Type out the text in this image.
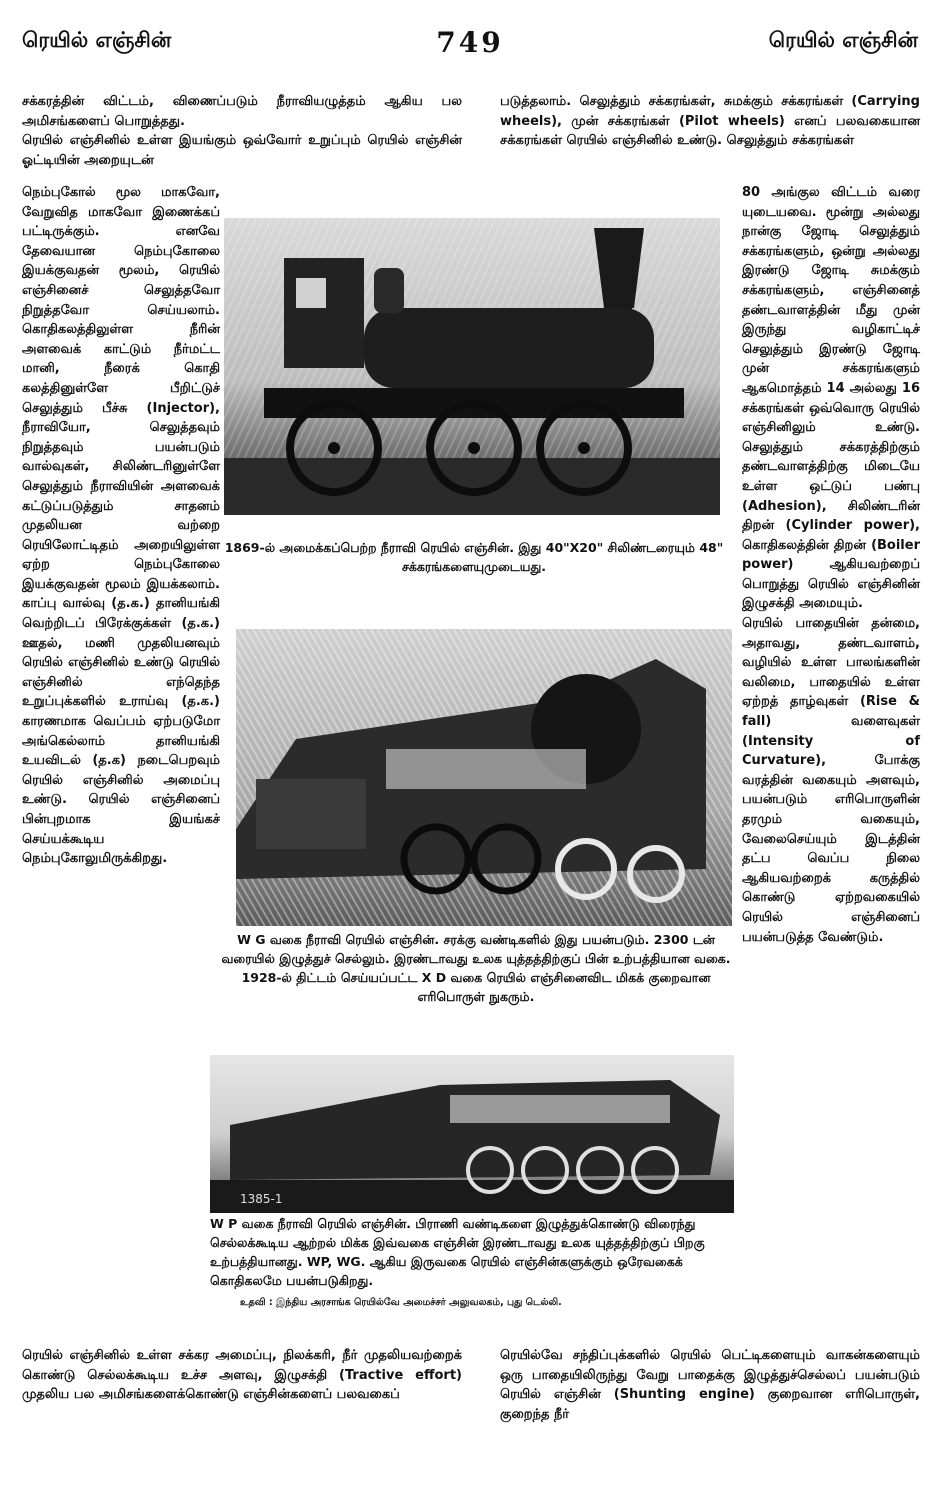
ரெயில் எஞ்சின்	749	ரெயில் எஞ்சின்

சக்கரத்தின் விட்டம், விணைப்படும் நீராவியழுத்தம் ஆகிய பல அமிசங்களைப் பொறுத்தது.

ரெயில் எஞ்சினில் உள்ள இயங்கும் ஒவ்வோர் உறுப்பும் ரெயில் எஞ்சின் ஓட்டியின் அறையுடன்

படுத்தலாம். செலுத்தும் சக்கரங்கள், சுமக்கும் சக்கரங்கள் (Carrying wheels), முன் சக்கரங்கள் (Pilot wheels) எனப் பலவகையான சக்கரங்கள் ரெயில் எஞ்சினில் உண்டு. செலுத்தும் சக்கரங்கள்

நெம்புகோல் மூல மாகவோ, வேறுவித மாகவோ இணைக்கப் பட்டிருக்கும். எனவே தேவையான நெம்புகோலை இயக்குவதன் மூலம், ரெயில் எஞ்சினைச் செலுத்தவோ நிறுத்தவோ செய்யலாம். கொதிகலத்திலுள்ள நீரின் அளவைக் காட்டும் நீர்மட்ட மானி, நீரைக் கொதி கலத்தினுள்ளே பீறிட்டுச் செலுத்தும் பீச்சு (Injector), நீராவியோ, செலுத்தவும் நிறுத்தவும் பயன்படும் வால்வுகள், சிலிண்டரினுள்ளே செலுத்தும் நீராவியின் அளவைக் கட்டுப்படுத்தும் சாதனம் முதலியன வற்றை ரெயிலோட்டிதம் அறையிலுள்ள ஏற்ற நெம்புகோலை இயக்குவதன் மூலம் இயக்கலாம். காப்பு வால்வு (த.க.) தானியங்கி வெற்றிடப் பிரேக்குக்கள் (த.க.) ஊதல், மணி முதலியனவும் ரெயில் எஞ்சினில் உண்டு ரெயில் எஞ்சினில் எந்தெந்த உறுப்புக்களில் உராய்வு (த.க.) காரணமாக வெப்பம் ஏற்படுமோ அங்கெல்லாம் தானியங்கி உயவிடல் (த.க) நடைபெறவும் ரெயில் எஞ்சினில் அமைப்பு உண்டு. ரெயில் எஞ்சினைப் பின்புறமாக இயங்கச் செய்யக்கூடிய நெம்புகோலுமிருக்கிறது.

80 அங்குல விட்டம் வரை யுடையவை. மூன்று அல்லது நான்கு ஜோடி செலுத்தும் சக்கரங்களும், ஒன்று அல்லது இரண்டு ஜோடி சுமக்கும் சக்கரங்களும், எஞ்சினைத் தண்டவாளத்தின் மீது முன் இருந்து வழிகாட்டிச் செலுத்தும் இரண்டு ஜோடி முன் சக்கரங்களும் ஆகமொத்தம் 14 அல்லது 16 சக்கரங்கள் ஒவ்வொரு ரெயில் எஞ்சினிலும் உண்டு. செலுத்தும் சக்கரத்திற்கும் தண்டவாளத்திற்கு மிடையே உள்ள ஒட்டுப் பண்பு (Adhesion), சிலிண்டரின் திறன் (Cylinder power), கொதிகலத்தின் திறன் (Boiler power) ஆகியவற்றைப் பொறுத்து ரெயில் எஞ்சினின் இழுசக்தி அமையும்.

ரெயில் பாதையின் தன்மை, அதாவது, தண்டவாளம், வழியில் உள்ள பாலங்களின் வலிமை, பாதையில் உள்ள ஏற்றத் தாழ்வுகள் (Rise & fall) வளைவுகள் (Intensity of Curvature), போக்கு வரத்தின் வகையும் அளவும், பயன்படும் எரிபொருளின் தரமும் வகையும், வேலைசெய்யும் இடத்தின் தட்ப வெப்ப நிலை ஆகியவற்றைக் கருத்தில் கொண்டு ஏற்றவகையில் ரெயில் எஞ்சினைப் பயன்படுத்த வேண்டும்.

1869-ல் அமைக்கப்பெற்ற நீராவி ரெயில் எஞ்சின். இது 40"X20" சிலிண்டரையும் 48" சக்கரங்களையுமுடையது.
W G வகை நீராவி ரெயில் எஞ்சின். சரக்கு வண்டிகளில் இது பயன்படும். 2300 டன் வரையில் இழுத்துச் செல்லும். இரண்டாவது உலக யுத்தத்திற்குப் பின் உற்பத்தியான வகை. 1928-ல் திட்டம் செய்யப்பட்ட X D வகை ரெயில் எஞ்சினைவிட மிகக் குறைவான எரிபொருள் நுகரும்.
1385-1
W P வகை நீராவி ரெயில் எஞ்சின். பிராணி வண்டிகளை இழுத்துக்கொண்டு விரைந்து செல்லக்கூடிய ஆற்றல் மிக்க இவ்வகை எஞ்சின் இரண்டாவது உலக யுத்தத்திற்குப் பிறகு உற்பத்தியானது. WP, WG. ஆகிய இருவகை ரெயில் எஞ்சின்களுக்கும் ஒரேவகைக் கொதிகலமே பயன்படுகிறது.
உதவி : இந்திய அரசாங்க ரெயில்வே அமைச்சர் அலுவலகம், புது டெல்லி.

ரெயில் எஞ்சினில் உள்ள சக்கர அமைப்பு, நிலக்கரி, நீர் முதலியவற்றைக் கொண்டு செல்லக்கூடிய உச்ச அளவு, இழுசக்தி (Tractive effort) முதலிய பல அமிசங்களைக்கொண்டு எஞ்சின்களைப் பலவகைப்

ரெயில்வே சந்திப்புக்களில் ரெயில் பெட்டிகளையும் வாகன்களையும் ஒரு பாதையிலிருந்து வேறு பாதைக்கு இழுத்துச்செல்லப் பயன்படும் ரெயில் எஞ்சின் (Shunting engine) குறைவான எரிபொருள், குறைந்த நீர்
